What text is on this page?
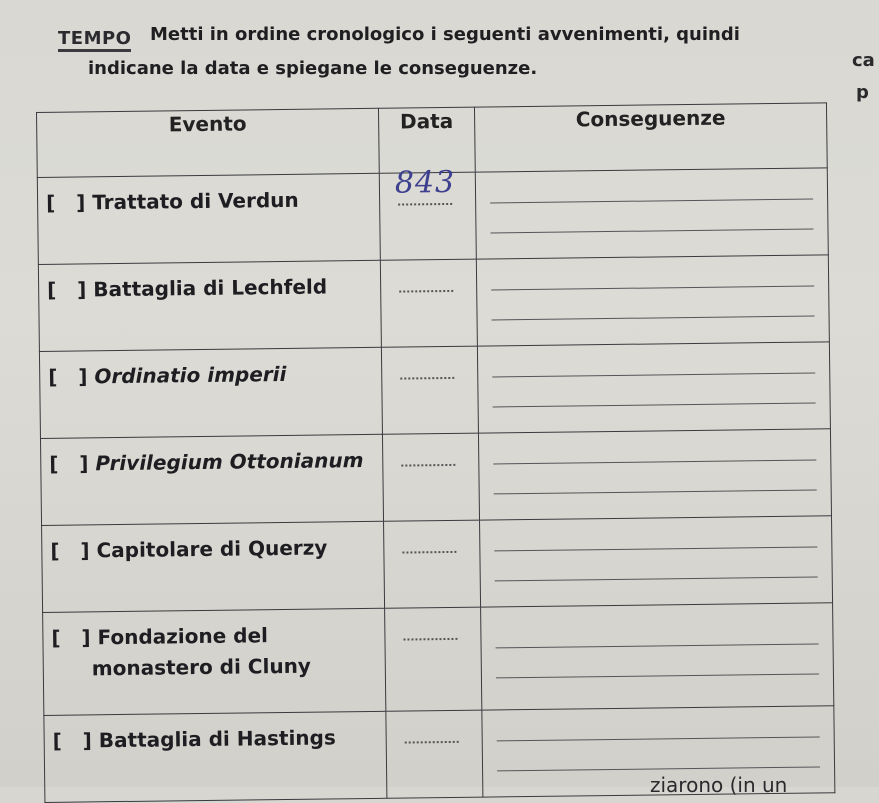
TEMPO Metti in ordine cronologico i seguenti avvenimenti, quindi
indicane la data e spiegane le conseguenze.	ca
p
Evento	Data	Conseguenze
[   ] Trattato di Verdun	843	

[   ] Battaglia di Lechfeld	

[   ] Ordinatio imperii	

[   ] Privilegium Ottonianum	

[   ] Capitolare di Querzy	

[   ] Fondazione del
monastero di Cluny	

[   ] Battaglia di Hastings	

ziarono (in un
